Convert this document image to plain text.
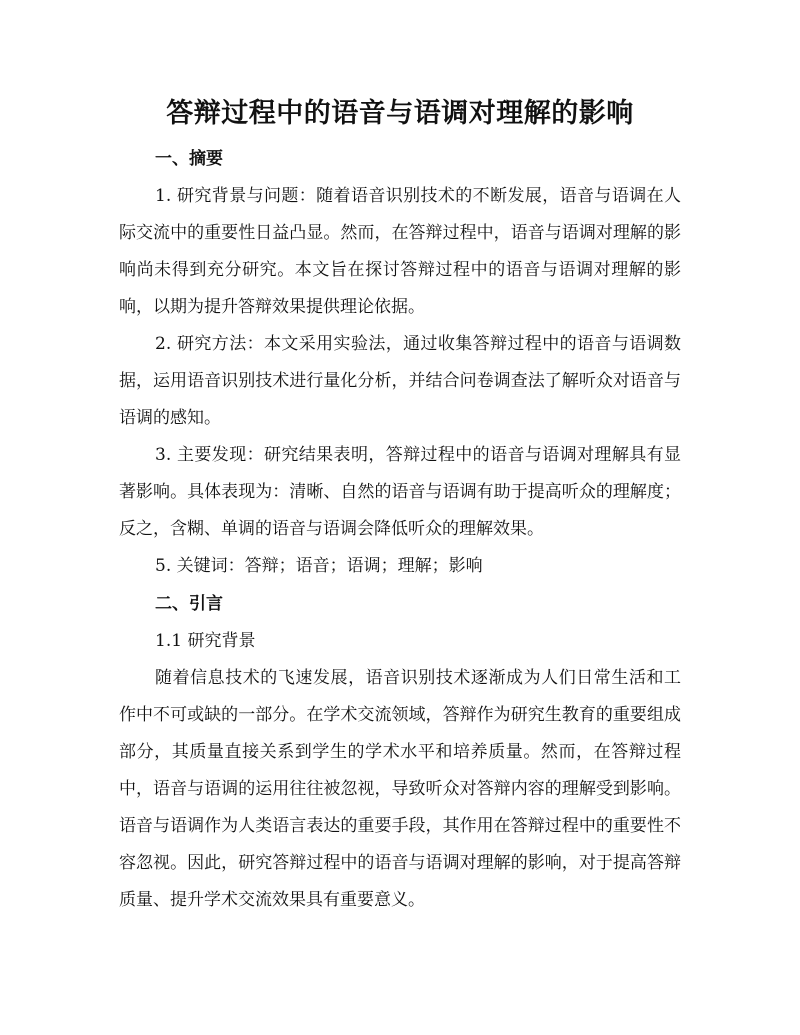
答辩过程中的语音与语调对理解的影响
一、摘要

1. 研究背景与问题：随着语音识别技术的不断发展，语音与语调在人际交流中的重要性日益凸显。然而，在答辩过程中，语音与语调对理解的影响尚未得到充分研究。本文旨在探讨答辩过程中的语音与语调对理解的影响，以期为提升答辩效果提供理论依据。

2. 研究方法：本文采用实验法，通过收集答辩过程中的语音与语调数据，运用语音识别技术进行量化分析，并结合问卷调查法了解听众对语音与语调的感知。

3. 主要发现：研究结果表明，答辩过程中的语音与语调对理解具有显著影响。具体表现为：清晰、自然的语音与语调有助于提高听众的理解度；反之，含糊、单调的语音与语调会降低听众的理解效果。

5. 关键词：答辩；语音；语调；理解；影响

二、引言
1.1 研究背景

随着信息技术的飞速发展，语音识别技术逐渐成为人们日常生活和工作中不可或缺的一部分。在学术交流领域，答辩作为研究生教育的重要组成部分，其质量直接关系到学生的学术水平和培养质量。然而，在答辩过程中，语音与语调的运用往往被忽视，导致听众对答辩内容的理解受到影响。语音与语调作为人类语言表达的重要手段，其作用在答辩过程中的重要性不容忽视。因此，研究答辩过程中的语音与语调对理解的影响，对于提高答辩质量、提升学术交流效果具有重要意义。
